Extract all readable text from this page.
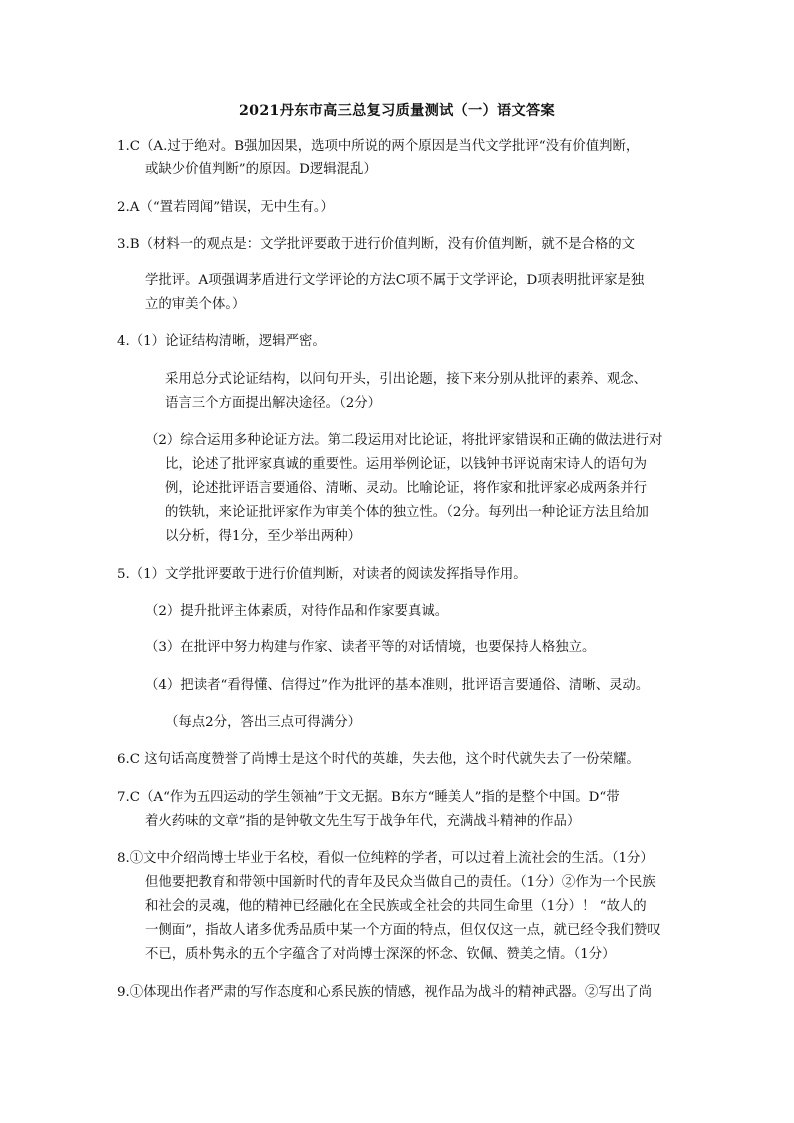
2021丹东市高三总复习质量测试（一）语文答案
1.C（A.过于绝对。B强加因果，选项中所说的两个原因是当代文学批评“没有价值判断，
或缺少价值判断”的原因。D逻辑混乱）
2.A（“置若罔闻”错误，无中生有。）
3.B（材料一的观点是：文学批评要敢于进行价值判断，没有价值判断，就不是合格的文
学批评。A项强调茅盾进行文学评论的方法C项不属于文学评论，D项表明批评家是独
立的审美个体。）
4.（1）论证结构清晰，逻辑严密。
采用总分式论证结构，以问句开头，引出论题，接下来分别从批评的素养、观念、
语言三个方面提出解决途径。（2分）
（2）综合运用多种论证方法。第二段运用对比论证，将批评家错误和正确的做法进行对
比，论述了批评家真诚的重要性。运用举例论证，以钱钟书评说南宋诗人的语句为
例，论述批评语言要通俗、清晰、灵动。比喻论证，将作家和批评家必成两条并行
的铁轨，来论证批评家作为审美个体的独立性。（2分。每列出一种论证方法且给加
以分析，得1分，至少举出两种）
5.（1）文学批评要敢于进行价值判断，对读者的阅读发挥指导作用。
（2）提升批评主体素质，对待作品和作家要真诚。
（3）在批评中努力构建与作家、读者平等的对话情境，也要保持人格独立。
（4）把读者“看得懂、信得过”作为批评的基本准则，批评语言要通俗、清晰、灵动。
（每点2分，答出三点可得满分）
6.C 这句话高度赞誉了尚博士是这个时代的英雄，失去他，这个时代就失去了一份荣耀。
7.C（A“作为五四运动的学生领袖”于文无据。B东方“睡美人”指的是整个中国。D“带
着火药味的文章”指的是钟敬文先生写于战争年代，充满战斗精神的作品）
8.①文中介绍尚博士毕业于名校，看似一位纯粹的学者，可以过着上流社会的生活。（1分）
但他要把教育和带领中国新时代的青年及民众当做自己的责任。（1分）②作为一个民族
和社会的灵魂，他的精神已经融化在全民族或全社会的共同生命里（1分）！ “故人的
一侧面”，指故人诸多优秀品质中某一个方面的特点，但仅仅这一点，就已经令我们赞叹
不已，质朴隽永的五个字蕴含了对尚博士深深的怀念、钦佩、赞美之情。（1分）
9.①体现出作者严肃的写作态度和心系民族的情感，视作品为战斗的精神武器。②写出了尚
